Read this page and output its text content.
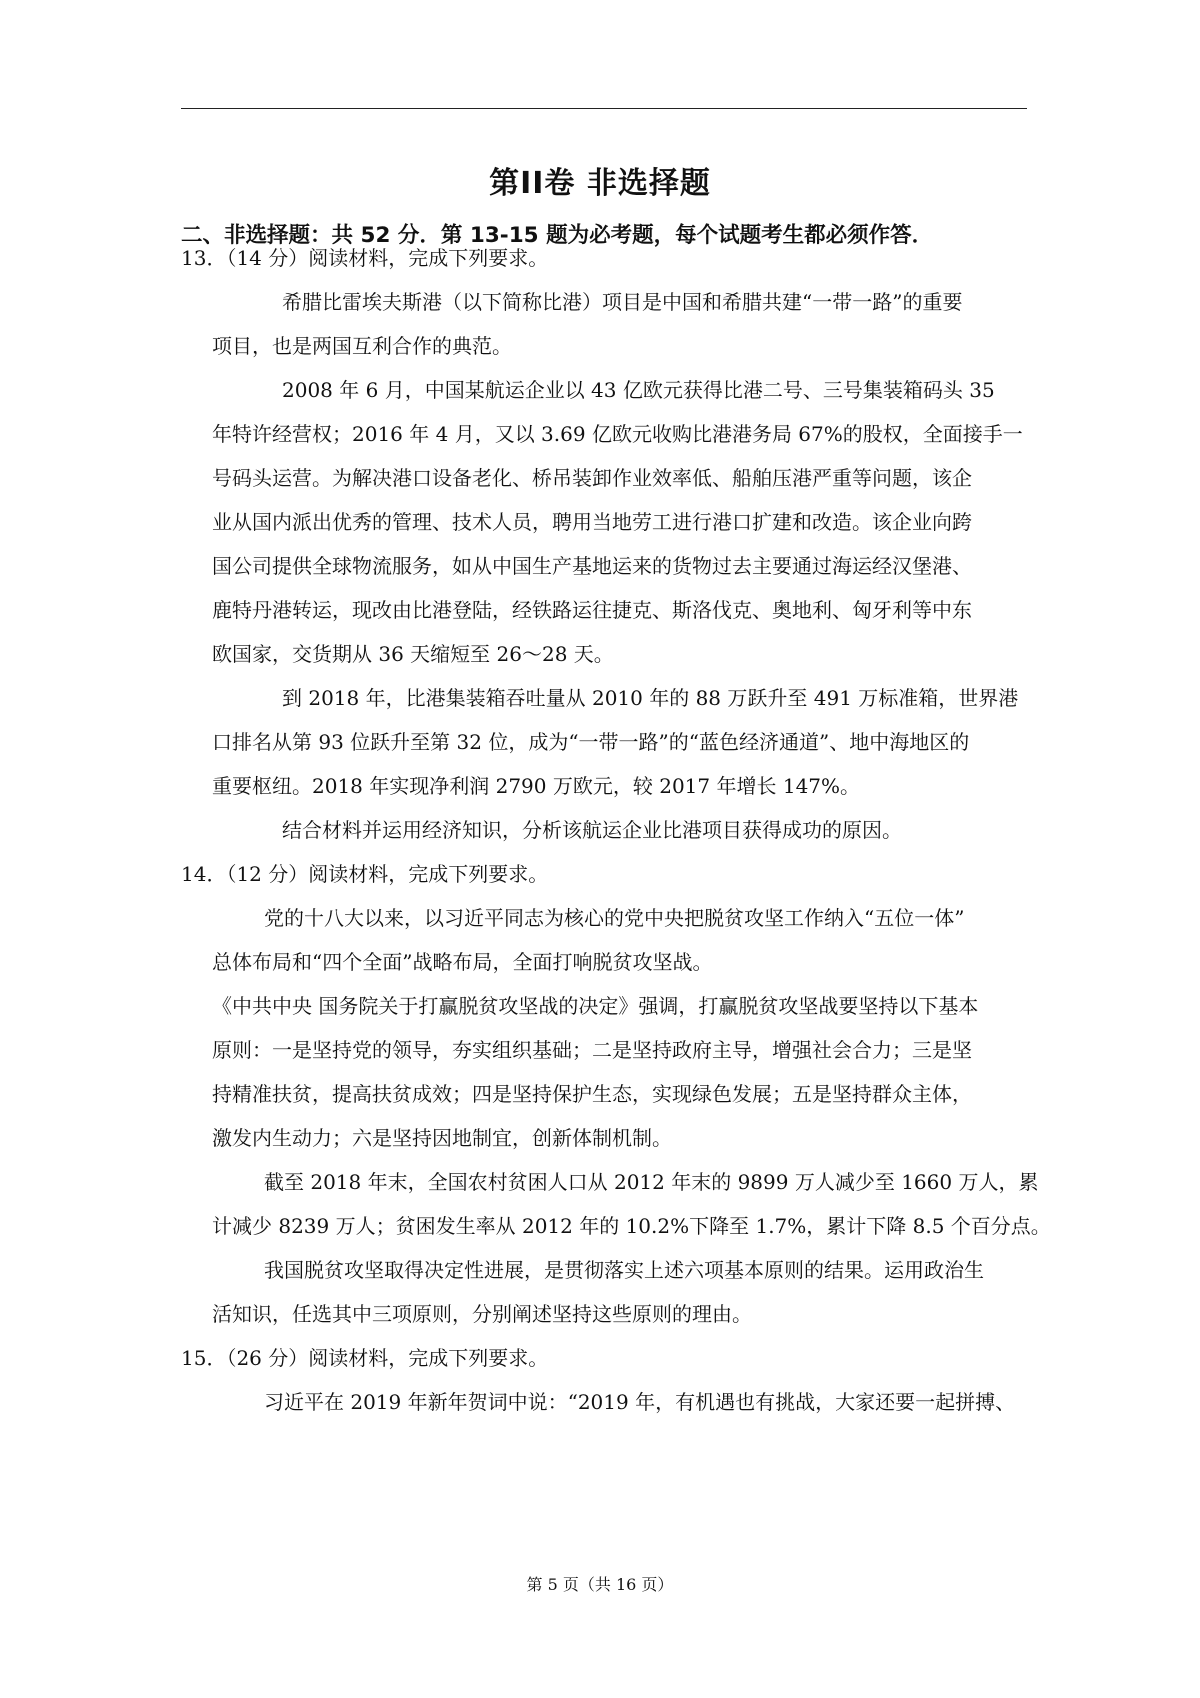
第II卷 非选择题
二、非选择题：共 52 分．第 13-15 题为必考题，每个试题考生都必须作答．
13．（14 分）阅读材料，完成下列要求。
希腊比雷埃夫斯港（以下简称比港）项目是中国和希腊共建“一带一路”的重要
项目，也是两国互利合作的典范。
2008 年 6 月，中国某航运企业以 43 亿欧元获得比港二号、三号集装箱码头 35
年特许经营权；2016 年 4 月，又以 3.69 亿欧元收购比港港务局 67%的股权，全面接手一
号码头运营。为解决港口设备老化、桥吊装卸作业效率低、船舶压港严重等问题，该企
业从国内派出优秀的管理、技术人员，聘用当地劳工进行港口扩建和改造。该企业向跨
国公司提供全球物流服务，如从中国生产基地运来的货物过去主要通过海运经汉堡港、
鹿特丹港转运，现改由比港登陆，经铁路运往捷克、斯洛伐克、奥地利、匈牙利等中东
欧国家，交货期从 36 天缩短至 26～28 天。
到 2018 年，比港集装箱吞吐量从 2010 年的 88 万跃升至 491 万标准箱，世界港
口排名从第 93 位跃升至第 32 位，成为“一带一路”的“蓝色经济通道”、地中海地区的
重要枢纽。2018 年实现净利润 2790 万欧元，较 2017 年增长 147%。
结合材料并运用经济知识，分析该航运企业比港项目获得成功的原因。
14．（12 分）阅读材料，完成下列要求。
党的十八大以来，以习近平同志为核心的党中央把脱贫攻坚工作纳入“五位一体”
总体布局和“四个全面”战略布局，全面打响脱贫攻坚战。
《中共中央 国务院关于打赢脱贫攻坚战的决定》强调，打赢脱贫攻坚战要坚持以下基本
原则：一是坚持党的领导，夯实组织基础；二是坚持政府主导，增强社会合力；三是坚
持精准扶贫，提高扶贫成效；四是坚持保护生态，实现绿色发展；五是坚持群众主体，
激发内生动力；六是坚持因地制宜，创新体制机制。
截至 2018 年末，全国农村贫困人口从 2012 年末的 9899 万人减少至 1660 万人，累
计减少 8239 万人；贫困发生率从 2012 年的 10.2%下降至 1.7%，累计下降 8.5 个百分点。
我国脱贫攻坚取得决定性进展，是贯彻落实上述六项基本原则的结果。运用政治生
活知识，任选其中三项原则，分别阐述坚持这些原则的理由。
15．（26 分）阅读材料，完成下列要求。
习近平在 2019 年新年贺词中说：“2019 年，有机遇也有挑战，大家还要一起拼搏、
第 5 页（共 16 页）
